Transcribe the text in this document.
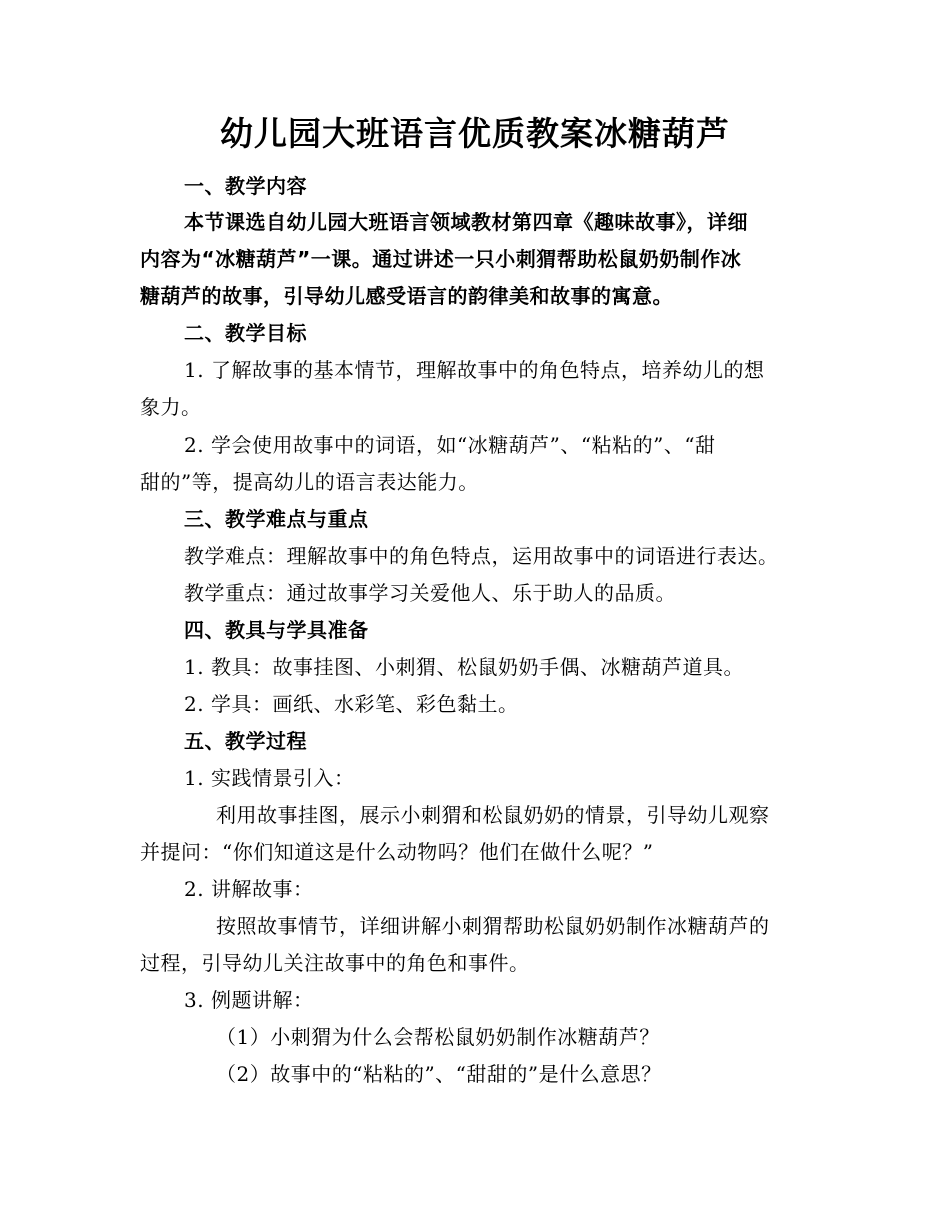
幼儿园大班语言优质教案冰糖葫芦
一、教学内容
本节课选自幼儿园大班语言领域教材第四章《趣味故事》，详细
内容为“冰糖葫芦”一课。通过讲述一只小刺猬帮助松鼠奶奶制作冰
糖葫芦的故事，引导幼儿感受语言的韵律美和故事的寓意。
二、教学目标
1. 了解故事的基本情节，理解故事中的角色特点，培养幼儿的想
象力。
2. 学会使用故事中的词语，如“冰糖葫芦”、“粘粘的”、“甜
甜的”等，提高幼儿的语言表达能力。
三、教学难点与重点
教学难点：理解故事中的角色特点，运用故事中的词语进行表达。
教学重点：通过故事学习关爱他人、乐于助人的品质。
四、教具与学具准备
1. 教具：故事挂图、小刺猬、松鼠奶奶手偶、冰糖葫芦道具。
2. 学具：画纸、水彩笔、彩色黏土。
五、教学过程
1. 实践情景引入：
利用故事挂图，展示小刺猬和松鼠奶奶的情景，引导幼儿观察
并提问：“你们知道这是什么动物吗？他们在做什么呢？”
2. 讲解故事：
按照故事情节，详细讲解小刺猬帮助松鼠奶奶制作冰糖葫芦的
过程，引导幼儿关注故事中的角色和事件。
3. 例题讲解：
（1）小刺猬为什么会帮松鼠奶奶制作冰糖葫芦？
（2）故事中的“粘粘的”、“甜甜的”是什么意思？
